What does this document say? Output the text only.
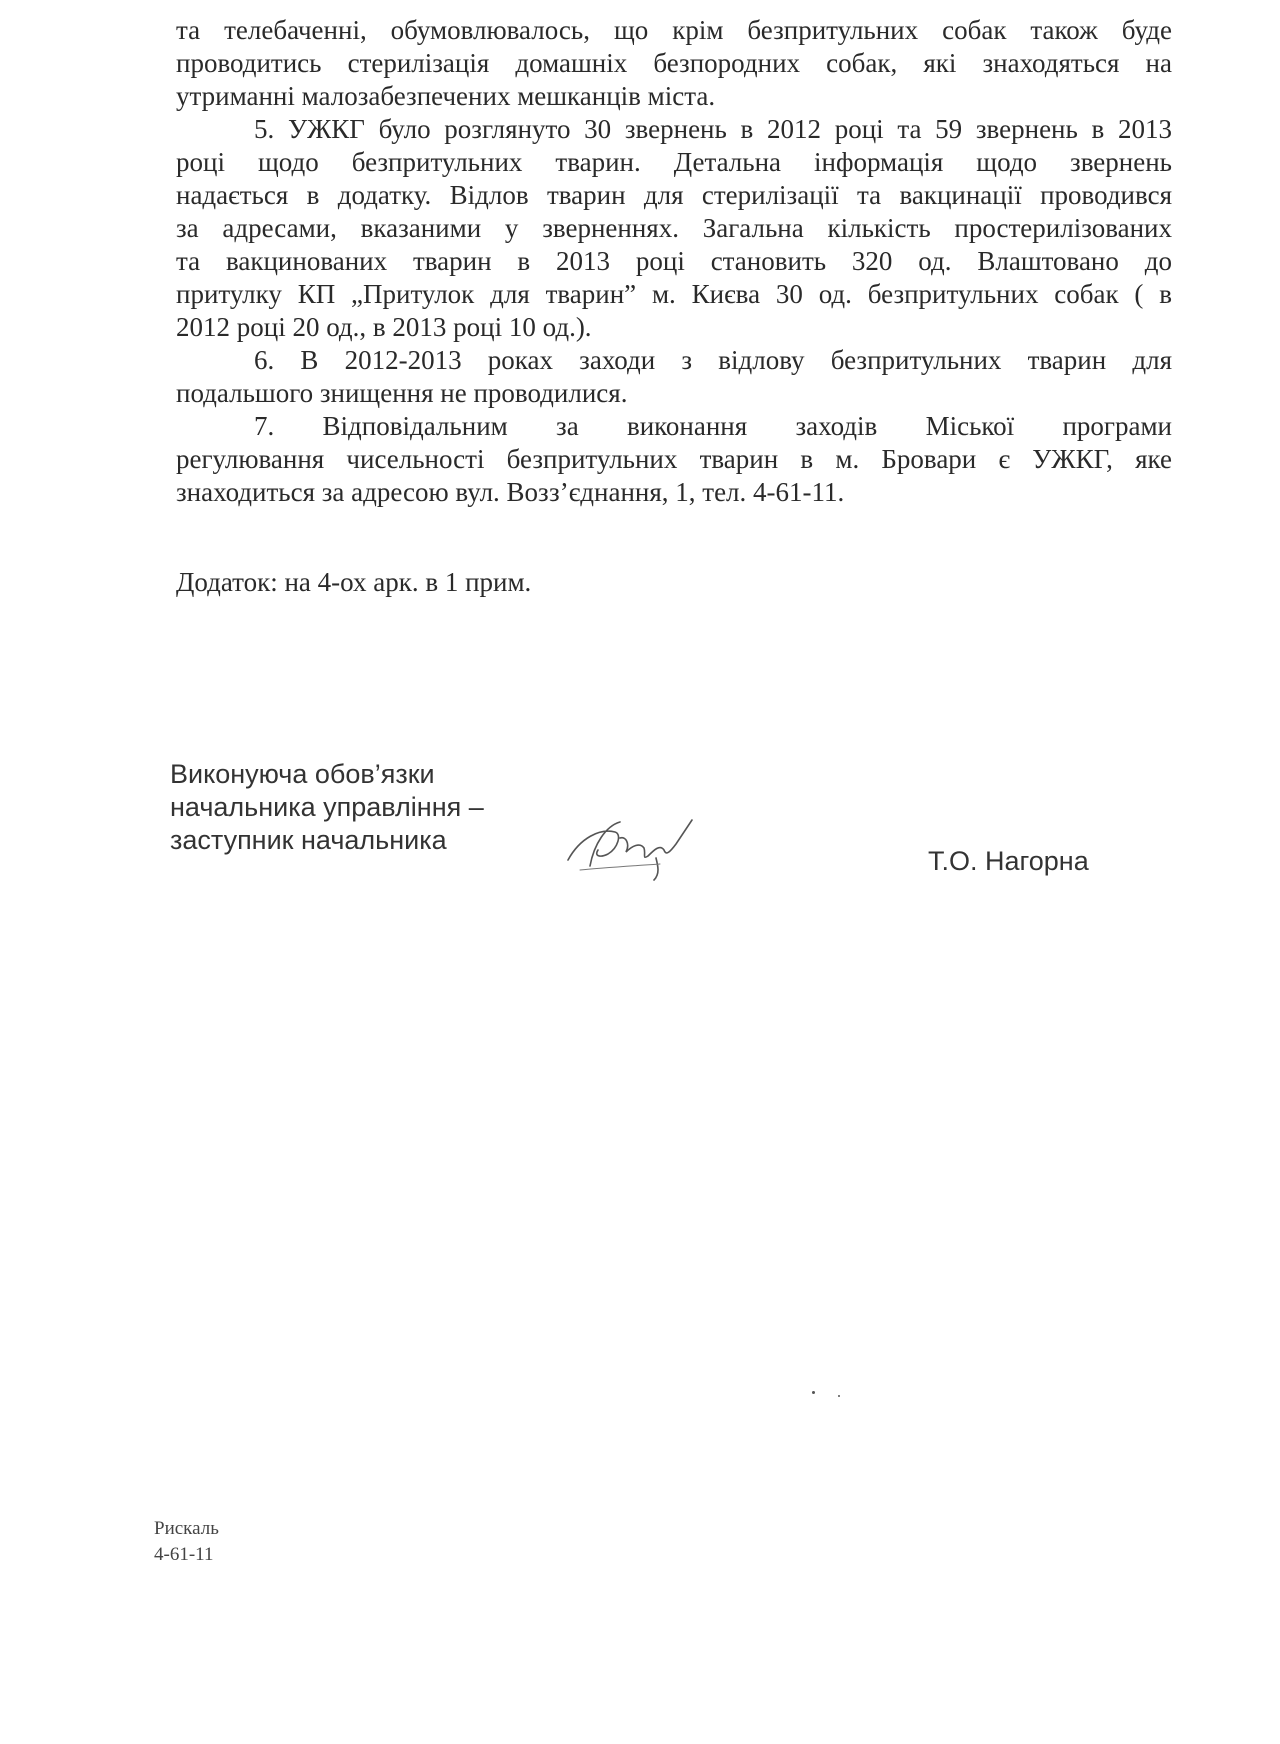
та телебаченні, обумовлювалось, що крім безпритульних собак також буде
проводитись стерилізація домашніх безпородних собак, які знаходяться на
утриманні малозабезпечених мешканців міста.
5. УЖКГ було розглянуто 30 звернень в 2012 році та 59 звернень в 2013
році щодо безпритульних тварин. Детальна інформація щодо звернень
надається в додатку. Відлов тварин для стерилізації та вакцинації проводився
за адресами, вказаними у зверненнях. Загальна кількість простерилізованих
та вакцинованих тварин в 2013 році становить 320 од. Влаштовано до
притулку КП „Притулок для тварин” м. Києва 30 од. безпритульних собак ( в
2012 році 20 од., в 2013 році 10 од.).
6. В 2012-2013 роках заходи з відлову безпритульних тварин для
подальшого знищення не проводилися.
7. Відповідальним за виконання заходів Міської програми
регулювання чисельності безпритульних тварин в м. Бровари є УЖКГ, яке
знаходиться за адресою вул. Возз’єднання, 1, тел. 4-61-11.
Додаток: на 4-ох арк. в 1 прим.
Виконуюча обов’язки
начальника управління –
заступник начальника
Т.О. Нагорна
Рискаль
4-61-11
